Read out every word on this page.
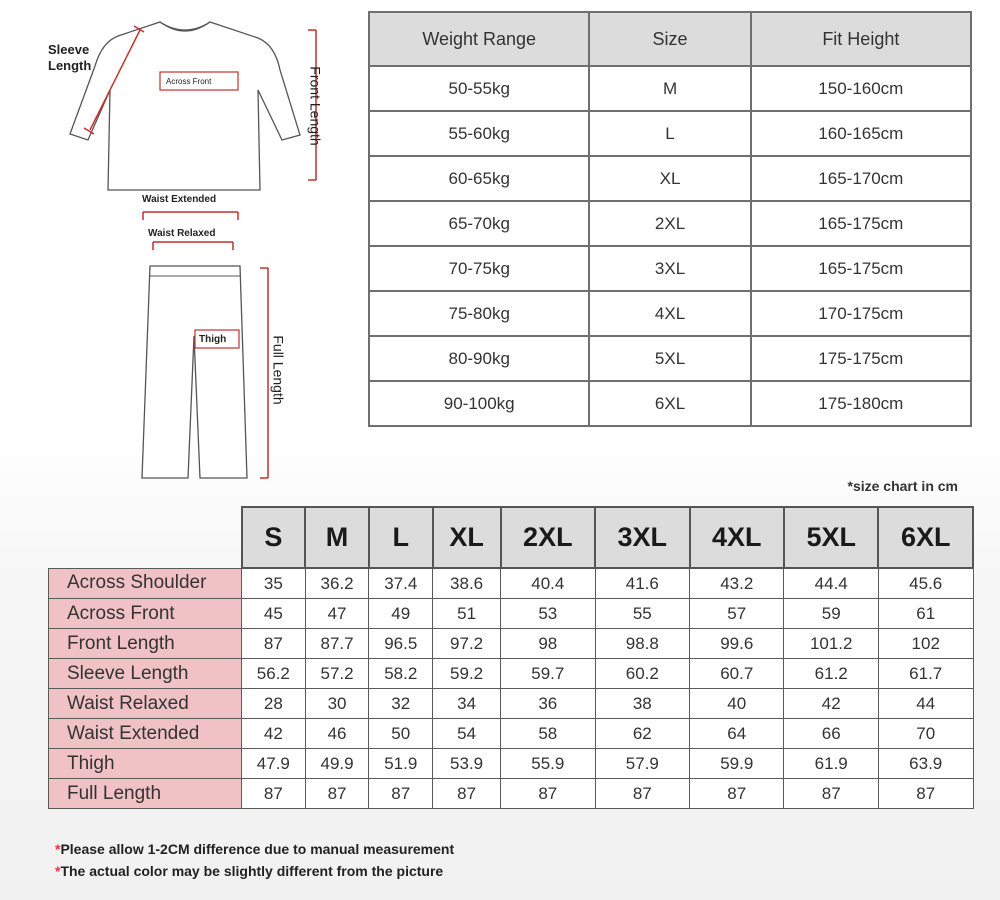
Sleeve
Length
Across Front	Front Length
Waist Extended
Waist Relaxed
Thigh	Full Length
Weight Range	Size	Fit Height
50-55kg	M	150-160cm
55-60kg	L	160-165cm
60-65kg	XL	165-170cm
65-70kg	2XL	165-175cm
70-75kg	3XL	165-175cm
75-80kg	4XL	170-175cm
80-90kg	5XL	175-175cm
90-100kg	6XL	175-180cm
*size chart in cm
	S	M	L	XL	2XL	3XL	4XL	5XL	6XL
Across Shoulder	35	36.2	37.4	38.6	40.4	41.6	43.2	44.4	45.6
Across Front	45	47	49	51	53	55	57	59	61
Front Length	87	87.7	96.5	97.2	98	98.8	99.6	101.2	102
Sleeve Length	56.2	57.2	58.2	59.2	59.7	60.2	60.7	61.2	61.7
Waist Relaxed	28	30	32	34	36	38	40	42	44
Waist Extended	42	46	50	54	58	62	64	66	70
Thigh	47.9	49.9	51.9	53.9	55.9	57.9	59.9	61.9	63.9
Full Length	87	87	87	87	87	87	87	87	87
*Please allow 1-2CM difference due to manual measurement
*The actual color may be slightly different from the picture
